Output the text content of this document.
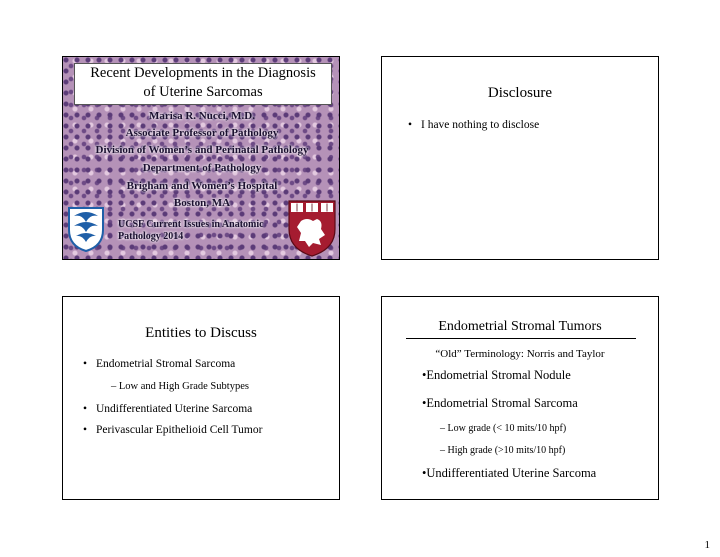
Recent Developments in the Diagnosis
of Uterine Sarcomas
Marisa R. Nucci, M.D.
Associate Professor of Pathology
Division of Women’s and Perinatal Pathology
Department of Pathology
Brigham and Women’s Hospital
Boston, MA
UCSF Current Issues in Anatomic
Pathology 2014
Disclosure
• I have nothing to disclose
Entities to Discuss
• Endometrial Stromal Sarcoma
– Low and High Grade Subtypes
• Undifferentiated Uterine Sarcoma
• Perivascular Epithelioid Cell Tumor
Endometrial Stromal Tumors
“Old” Terminology: Norris and Taylor
•Endometrial Stromal Nodule
•Endometrial Stromal Sarcoma
– Low grade (< 10 mits/10 hpf)
– High grade (>10 mits/10 hpf)
•Undifferentiated Uterine Sarcoma
1
